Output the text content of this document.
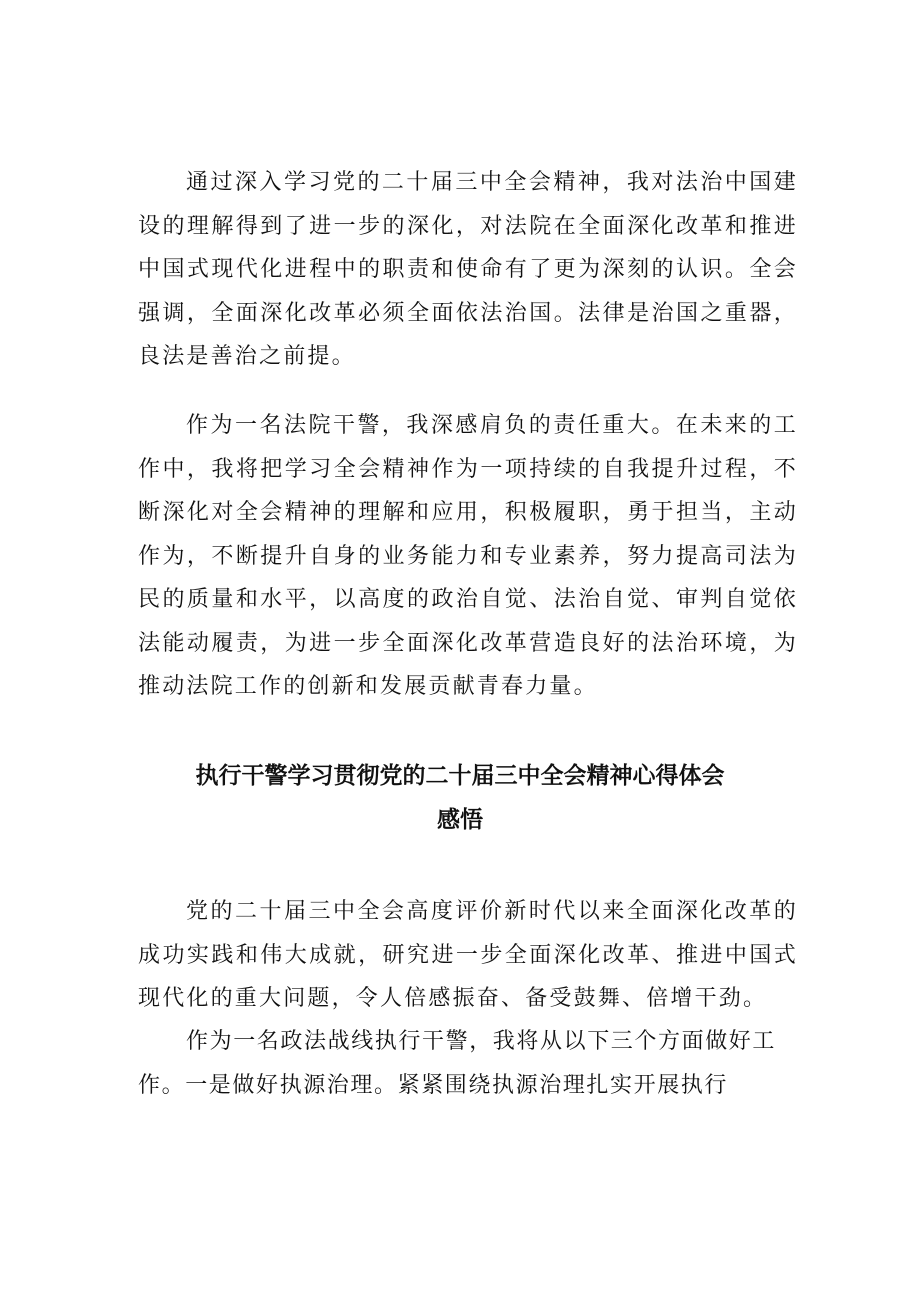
通过深入学习党的二十届三中全会精神，我对法治中国建设的理解得到了进一步的深化，对法院在全面深化改革和推进中国式现代化进程中的职责和使命有了更为深刻的认识。全会强调，全面深化改革必须全面依法治国。法律是治国之重器，良法是善治之前提。

作为一名法院干警，我深感肩负的责任重大。在未来的工作中，我将把学习全会精神作为一项持续的自我提升过程，不断深化对全会精神的理解和应用，积极履职，勇于担当，主动作为，不断提升自身的业务能力和专业素养，努力提高司法为民的质量和水平，以高度的政治自觉、法治自觉、审判自觉依法能动履责，为进一步全面深化改革营造良好的法治环境，为推动法院工作的创新和发展贡献青春力量。

执行干警学习贯彻党的二十届三中全会精神心得体会
感悟

党的二十届三中全会高度评价新时代以来全面深化改革的成功实践和伟大成就，研究进一步全面深化改革、推进中国式现代化的重大问题，令人倍感振奋、备受鼓舞、倍增干劲。

作为一名政法战线执行干警，我将从以下三个方面做好工作。一是做好执源治理。紧紧围绕执源治理扎实开展执行
